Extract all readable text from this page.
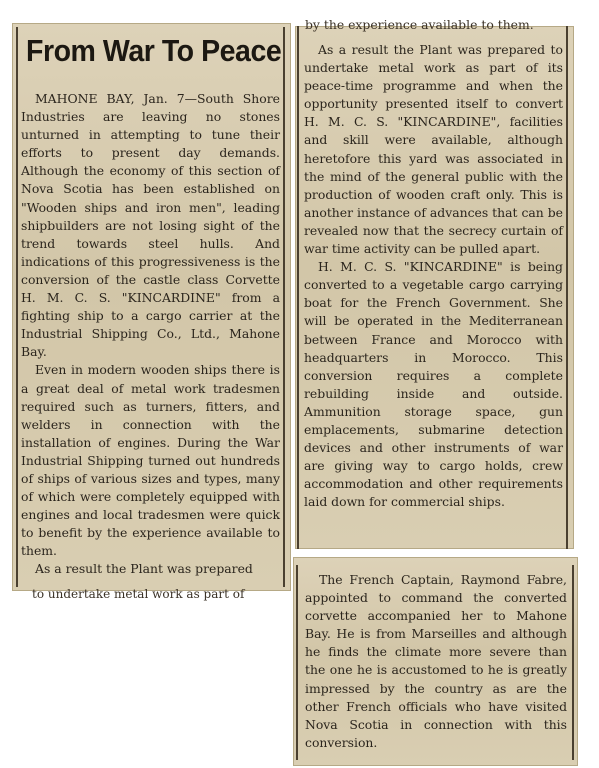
From War To Peace

MAHONE BAY, Jan. 7—South Shore Industries are leaving no stones unturned in attempting to tune their efforts to present day demands. Although the economy of this section of Nova Scotia has been established on "Wooden ships and iron men", leading shipbuilders are not losing sight of the trend towards steel hulls. And indications of this progressiveness is the conversion of the castle class Corvette H. M. C. S. "KINCARDINE" from a fighting ship to a cargo carrier at the Industrial Shipping Co., Ltd., Mahone Bay.

Even in modern wooden ships there is a great deal of metal work tradesmen required such as turners, fitters, and welders in connection with the installation of engines. During the War Industrial Shipping turned out hundreds of ships of various sizes and types, many of which were completely equipped with engines and local tradesmen were quick to benefit by the experience available to them.

As a result the Plant was prepared

to undertake metal work as part of
by the experience available to them.

As a result the Plant was prepared to undertake metal work as part of its peace-time programme and when the opportunity presented itself to convert H. M. C. S. "KINCARDINE", facilities and skill were available, although heretofore this yard was associated in the mind of the general public with the production of wooden craft only. This is another instance of advances that can be revealed now that the secrecy curtain of war time activity can be pulled apart.

H. M. C. S. "KINCARDINE" is being converted to a vegetable cargo carrying boat for the French Government. She will be operated in the Mediterranean between France and Morocco with headquarters in Morocco. This conversion requires a complete rebuilding inside and outside. Ammunition storage space, gun emplacements, submarine detection devices and other instruments of war are giving way to cargo holds, crew accommodation and other requirements laid down for commercial ships.

The French Captain, Raymond Fabre, appointed to command the converted corvette accompanied her to Mahone Bay. He is from Marseilles and although he finds the climate more severe than the one he is accustomed to he is greatly impressed by the country as are the other French officials who have visited Nova Scotia in connection with this conversion.
